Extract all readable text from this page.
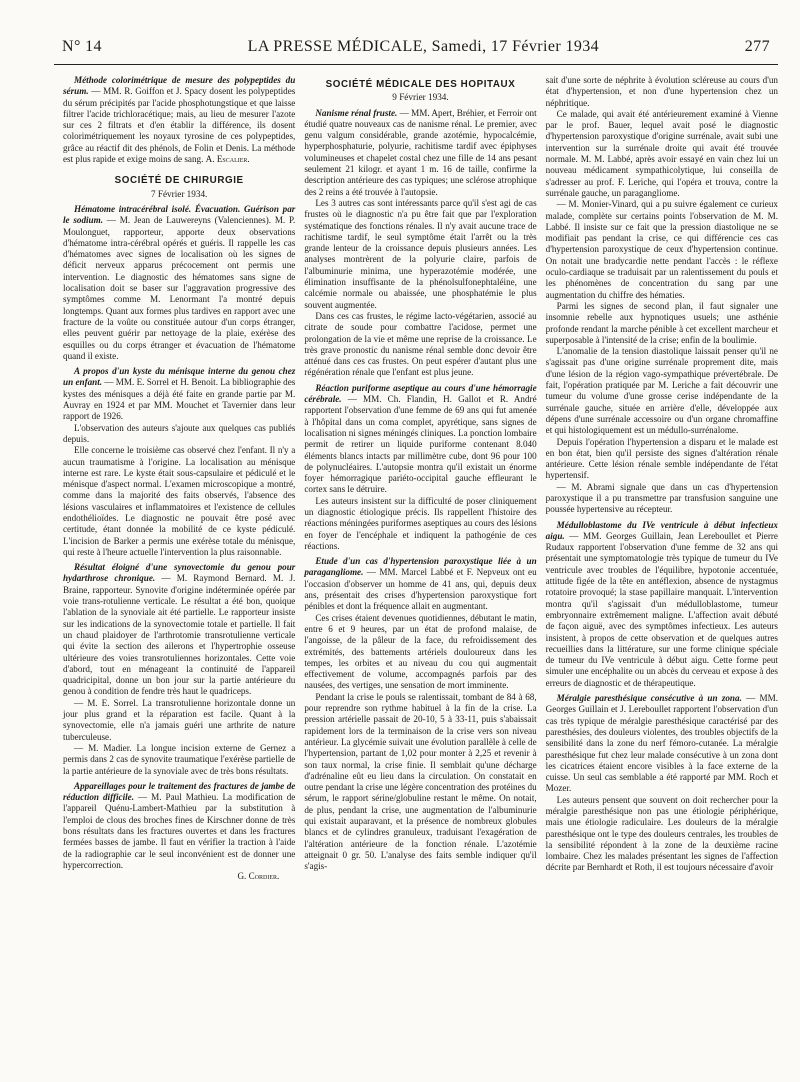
N° 14	LA PRESSE MÉDICALE, Samedi, 17 Février 1934	277

Méthode colorimétrique de mesure des polypeptides du sérum. — MM. R. Goiffon et J. Spacy dosent les polypeptides du sérum précipités par l'acide phosphotungstique et que laisse filtrer l'acide trichloracétique; mais, au lieu de mesurer l'azote sur ces 2 filtrats et d'en établir la différence, ils dosent colorimétriquement les noyaux tyrosine de ces polypeptides, grâce au réactif dit des phénols, de Folin et Denis. La méthode est plus rapide et exige moins de sang. A. Escalier.

SOCIÉTÉ DE CHIRURGIE
7 Février 1934.

Hématome intracérébral isolé. Évacuation. Guérison par le sodium. — M. Jean de Lauwereyns (Valenciennes). M. P. Moulonguet, rapporteur, apporte deux observations d'hématome intra-cérébral opérés et guéris. Il rappelle les cas d'hématomes avec signes de localisation où les signes de déficit nerveux apparus précocement ont permis une intervention. Le diagnostic des hématomes sans signe de localisation doit se baser sur l'aggravation progressive des symptômes comme M. Lenormant l'a montré depuis longtemps. Quant aux formes plus tardives en rapport avec une fracture de la voûte ou constituée autour d'un corps étranger, elles peuvent guérir par nettoyage de la plaie, exérèse des esquilles ou du corps étranger et évacuation de l'hématome quand il existe.

A propos d'un kyste du ménisque interne du genou chez un enfant. — MM. E. Sorrel et H. Benoit. La bibliographie des kystes des ménisques a déjà été faite en grande partie par M. Auvray en 1924 et par MM. Mouchet et Tavernier dans leur rapport de 1926.

L'observation des auteurs s'ajoute aux quelques cas publiés depuis.

Elle concerne le troisième cas observé chez l'enfant. Il n'y a aucun traumatisme à l'origine. La localisation au ménisque interne est rare. Le kyste était sous-capsulaire et pédiculé et le ménisque d'aspect normal. L'examen microscopique a montré, comme dans la majorité des faits observés, l'absence des lésions vasculaires et inflammatoires et l'existence de cellules endothélioïdes. Le diagnostic ne pouvait être posé avec certitude, étant donnée la mobilité de ce kyste pédiculé. L'incision de Barker a permis une exérèse totale du ménisque, qui reste à l'heure actuelle l'intervention la plus raisonnable.

Résultat éloigné d'une synovectomie du genou pour hydarthrose chronique. — M. Raymond Bernard. M. J. Braine, rapporteur. Synovite d'origine indéterminée opérée par voie trans-rotulienne verticale. Le résultat a été bon, quoique l'ablation de la synoviale ait été partielle. Le rapporteur insiste sur les indications de la synovectomie totale et partielle. Il fait un chaud plaidoyer de l'arthrotomie transrotulienne verticale qui évite la section des ailerons et l'hypertrophie osseuse ultérieure des voies transrotuliennes horizontales. Cette voie d'abord, tout en ménageant la continuité de l'appareil quadricipital, donne un bon jour sur la partie antérieure du genou à condition de fendre très haut le quadriceps.

— M. E. Sorrel. La transrotulienne horizontale donne un jour plus grand et la réparation est facile. Quant à la synovectomie, elle n'a jamais guéri une arthrite de nature tuberculeuse.

— M. Madier. La longue incision externe de Gernez a permis dans 2 cas de synovite traumatique l'exérèse partielle de la partie antérieure de la synoviale avec de très bons résultats.

Appareillages pour le traitement des fractures de jambe de réduction difficile. — M. Paul Mathieu. La modification de l'appareil Quénu-Lambert-Mathieu par la substitution à l'emploi de clous des broches fines de Kirschner donne de très bons résultats dans les fractures ouvertes et dans les fractures fermées basses de jambe. Il faut en vérifier la traction à l'aide de la radiographie car le seul inconvénient est de donner une hypercorrection.

G. Cordier.
SOCIÉTÉ MÉDICALE DES HOPITAUX
9 Février 1934.

Nanisme rénal fruste. — MM. Apert, Bréhier, et Ferroir ont étudié quatre nouveaux cas de nanisme rénal. Le premier, avec genu valgum considérable, grande azotémie, hypocalcémie, hyperphosphaturie, polyurie, rachitisme tardif avec épiphyses volumineuses et chapelet costal chez une fille de 14 ans pesant seulement 21 kilogr. et ayant 1 m. 16 de taille, confirme la description antérieure des cas typiques; une sclérose atrophique des 2 reins a été trouvée à l'autopsie.

Les 3 autres cas sont intéressants parce qu'il s'est agi de cas frustes où le diagnostic n'a pu être fait que par l'exploration systématique des fonctions rénales. Il n'y avait aucune trace de rachitisme tardif, le seul symptôme était l'arrêt ou la très grande lenteur de la croissance depuis plusieurs années. Les analyses montrèrent de la polyurie claire, parfois de l'albuminurie minima, une hyperazotémie modérée, une élimination insuffisante de la phénolsulfonephtaléine, une calcémie normale ou abaissée, une phosphatémie le plus souvent augmentée.

Dans ces cas frustes, le régime lacto-végétarien, associé au citrate de soude pour combattre l'acidose, permet une prolongation de la vie et même une reprise de la croissance. Le très grave pronostic du nanisme rénal semble donc devoir être atténué dans ces cas frustes. On peut espérer d'autant plus une régénération rénale que l'enfant est plus jeune.

Réaction puriforme aseptique au cours d'une hémorragie cérébrale. — MM. Ch. Flandin, H. Gallot et R. André rapportent l'observation d'une femme de 69 ans qui fut amenée à l'hôpital dans un coma complet, apyrétique, sans signes de localisation ni signes méningés cliniques. La ponction lombaire permit de retirer un liquide puriforme contenant 8.040 éléments blancs intacts par millimètre cube, dont 96 pour 100 de polynucléaires. L'autopsie montra qu'il existait un énorme foyer hémorragique pariéto-occipital gauche effleurant le cortex sans le détruire.

Les auteurs insistent sur la difficulté de poser cliniquement un diagnostic étiologique précis. Ils rappellent l'histoire des réactions méningées puriformes aseptiques au cours des lésions en foyer de l'encéphale et indiquent la pathogénie de ces réactions.

Etude d'un cas d'hypertension paroxystique liée à un paragangliome. — MM. Marcel Labbé et F. Nepveux ont eu l'occasion d'observer un homme de 41 ans, qui, depuis deux ans, présentait des crises d'hypertension paroxystique fort pénibles et dont la fréquence allait en augmentant.

Ces crises étaient devenues quotidiennes, débutant le matin, entre 6 et 9 heures, par un état de profond malaise, de l'angoisse, de la pâleur de la face, du refroidissement des extrémités, des battements artériels douloureux dans les tempes, les orbites et au niveau du cou qui augmentait effectivement de volume, accompagnés parfois par des nausées, des vertiges, une sensation de mort imminente.

Pendant la crise le pouls se ralentissait, tombant de 84 à 68, pour reprendre son rythme habituel à la fin de la crise. La pression artérielle passait de 20-10, 5 à 33-11, puis s'abaissait rapidement lors de la terminaison de la crise vers son niveau antérieur. La glycémie suivait une évolution parallèle à celle de l'hypertension, partant de 1,02 pour monter à 2,25 et revenir à son taux normal, la crise finie. Il semblait qu'une décharge d'adrénaline eût eu lieu dans la circulation. On constatait en outre pendant la crise une légère concentration des protéines du sérum, le rapport sérine/globuline restant le même. On notait, de plus, pendant la crise, une augmentation de l'albuminurie qui existait auparavant, et la présence de nombreux globules blancs et de cylindres granuleux, traduisant l'exagération de l'altération antérieure de la fonction rénale. L'azotémie atteignait 0 gr. 50. L'analyse des faits semble indiquer qu'il s'agis-

sait d'une sorte de néphrite à évolution scléreuse au cours d'un état d'hypertension, et non d'une hypertension chez un néphritique.

Ce malade, qui avait été antérieurement examiné à Vienne par le prof. Bauer, lequel avait posé le diagnostic d'hypertension paroxystique d'origine surrénale, avait subi une intervention sur la surrénale droite qui avait été trouvée normale. M. M. Labbé, après avoir essayé en vain chez lui un nouveau médicament sympathicolytique, lui conseilla de s'adresser au prof. F. Leriche, qui l'opéra et trouva, contre la surrénale gauche, un paragangliome.

— M. Monier-Vinard, qui a pu suivre également ce curieux malade, complète sur certains points l'observation de M. M. Labbé. Il insiste sur ce fait que la pression diastolique ne se modifiait pas pendant la crise, ce qui différencie ces cas d'hypertension paroxystique de ceux d'hypertension continue. On notait une bradycardie nette pendant l'accès : le réflexe oculo-cardiaque se traduisait par un ralentissement du pouls et les phénomènes de concentration du sang par une augmentation du chiffre des hématies.

Parmi les signes de second plan, il faut signaler une insomnie rebelle aux hypnotiques usuels; une asthénie profonde rendant la marche pénible à cet excellent marcheur et superposable à l'intensité de la crise; enfin de la boulimie.

L'anomalie de la tension diastolique laissait penser qu'il ne s'agissait pas d'une origine surrénale proprement dite, mais d'une lésion de la région vago-sympathique prévertébrale. De fait, l'opération pratiquée par M. Leriche a fait découvrir une tumeur du volume d'une grosse cerise indépendante de la surrénale gauche, située en arrière d'elle, développée aux dépens d'une surrénale accessoire ou d'un organe chromaffine et qui histologiquement est un médullo-surrénalome.

Depuis l'opération l'hypertension a disparu et le malade est en bon état, bien qu'il persiste des signes d'altération rénale antérieure. Cette lésion rénale semble indépendante de l'état hypertensif.

— M. Abrami signale que dans un cas d'hypertension paroxystique il a pu transmettre par transfusion sanguine une poussée hypertensive au récepteur.

Médulloblastome du IVe ventricule à début infectieux aigu. — MM. Georges Guillain, Jean Lereboullet et Pierre Rudaux rapportent l'observation d'une femme de 32 ans qui présentait une symptomatologie très typique de tumeur du IVe ventricule avec troubles de l'équilibre, hypotonie accentuée, attitude figée de la tête en antéflexion, absence de nystagmus rotatoire provoqué; la stase papillaire manquait. L'intervention montra qu'il s'agissait d'un médulloblastome, tumeur embryonnaire extrêmement maligne. L'affection avait débuté de façon aiguë, avec des symptômes infectieux. Les auteurs insistent, à propos de cette observation et de quelques autres recueillies dans la littérature, sur une forme clinique spéciale de tumeur du IVe ventricule à début aigu. Cette forme peut simuler une encéphalite ou un abcès du cerveau et expose à des erreurs de diagnostic et de thérapeutique.

Méralgie paresthésique consécutive à un zona. — MM. Georges Guillain et J. Lereboullet rapportent l'observation d'un cas très typique de méralgie paresthésique caractérisé par des paresthésies, des douleurs violentes, des troubles objectifs de la sensibilité dans la zone du nerf fémoro-cutanée. La méralgie paresthésique fut chez leur malade consécutive à un zona dont les cicatrices étaient encore visibles à la face externe de la cuisse. Un seul cas semblable a été rapporté par MM. Roch et Mozer.

Les auteurs pensent que souvent on doit rechercher pour la méralgie paresthésique non pas une étiologie périphérique, mais une étiologie radiculaire. Les douleurs de la méralgie paresthésique ont le type des douleurs centrales, les troubles de la sensibilité répondent à la zone de la deuxième racine lombaire. Chez les malades présentant les signes de l'affection décrite par Bernhardt et Roth, il est toujours nécessaire d'avoir
